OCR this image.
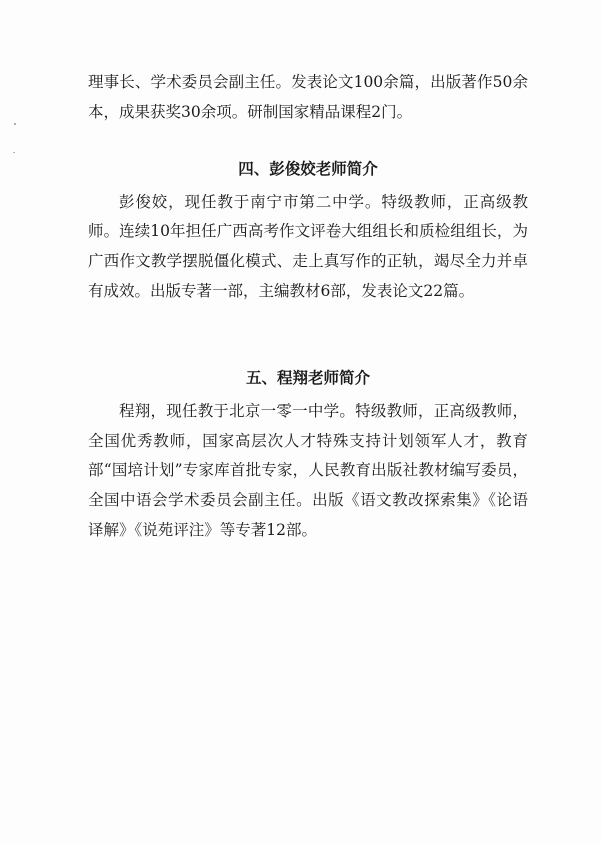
理事长、学术委员会副主任。发表论文100余篇，出版著作50余本，成果获奖30余项。研制国家精品课程2门。

四、彭俊姣老师简介

彭俊姣，现任教于南宁市第二中学。特级教师，正高级教师。连续10年担任广西高考作文评卷大组组长和质检组组长，为广西作文教学摆脱僵化模式、走上真写作的正轨，竭尽全力并卓有成效。出版专著一部，主编教材6部，发表论文22篇。

五、程翔老师简介

程翔，现任教于北京一零一中学。特级教师，正高级教师，全国优秀教师，国家高层次人才特殊支持计划领军人才，教育部“国培计划”专家库首批专家，人民教育出版社教材编写委员，全国中语会学术委员会副主任。出版《语文教改探索集》《论语译解》《说苑评注》等专著12部。
